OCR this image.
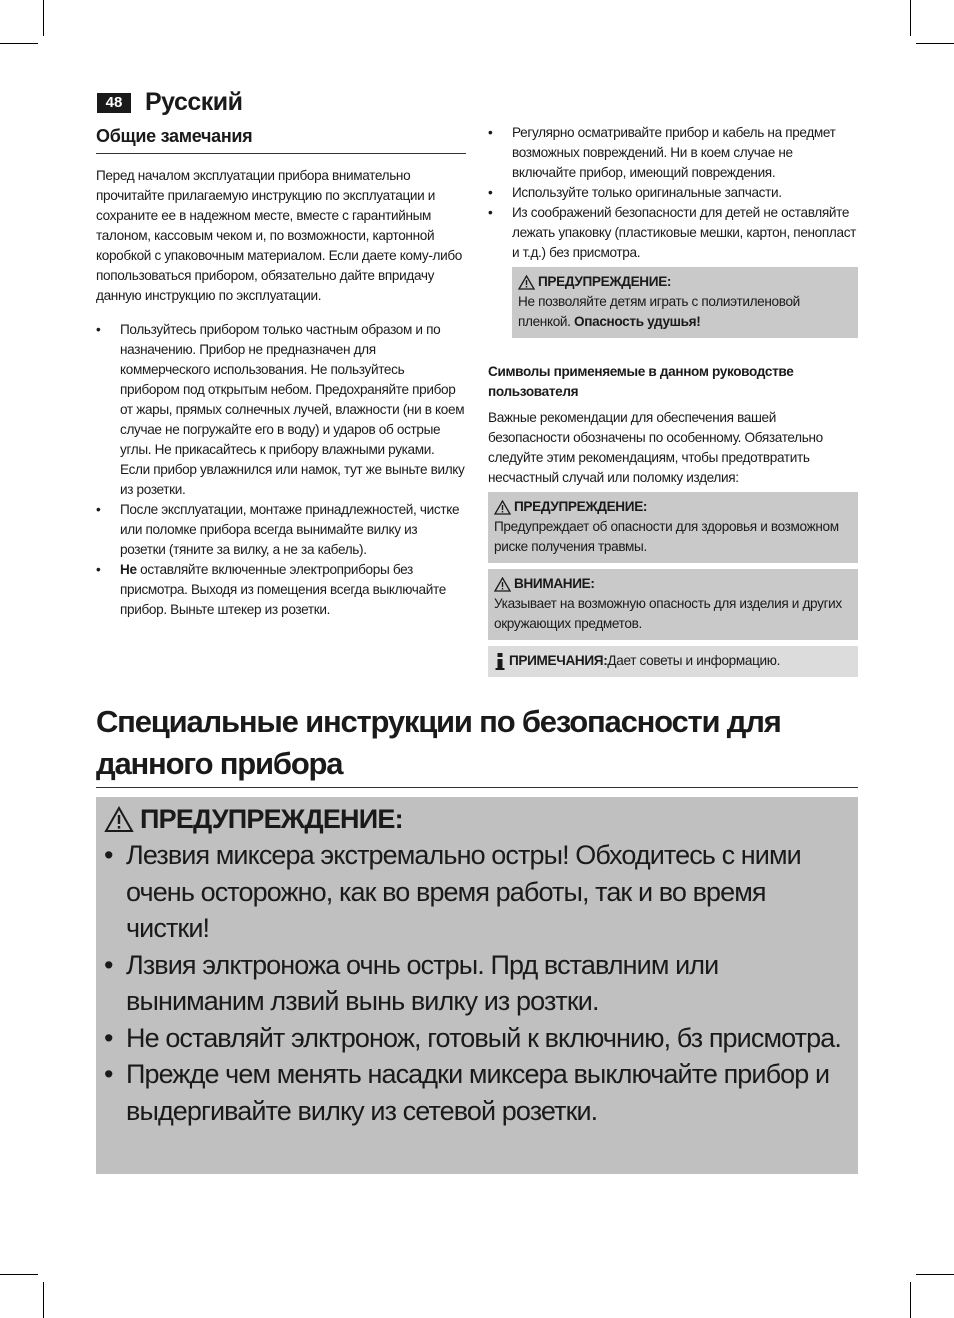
48 Русский
Общие замечания

Перед началом эксплуатации прибора внимательно прочитайте прилагаемую инструкцию по эксплуатации и сохраните ее в надежном месте, вместе с гарантийным талоном, кассовым чеком и, по возможности, картонной коробкой с упаковочным материалом. Если даете кому-либо попользоваться прибором, обязательно дайте впридачу данную инструкцию по эксплуатации.

• Пользуйтесь прибором только частным образом и по назначению. Прибор не предназначен для коммерческого использования. Не пользуйтесь прибором под открытым небом. Предохраняйте прибор от жары, прямых солнечных лучей, влажности (ни в коем случае не погружайте его в воду) и ударов об острые углы. Не прикасайтесь к прибору влажными руками. Если прибор увлажнился или намок, тут же выньте вилку из розетки.
• После эксплуатации, монтаже принадлежностей, чистке или поломке прибора всегда вынимайте вилку из розетки (тяните за вилку, а не за кабель).
• Не оставляйте включенные электроприборы без присмотра. Выходя из помещения всегда выключайте прибор. Выньте штекер из розетки.
• Регулярно осматривайте прибор и кабель на предмет возможных повреждений. Ни в коем случае не включайте прибор, имеющий повреждения.
• Используйте только оригинальные запчасти.
• Из соображений безопасности для детей не оставляйте лежать упаковку (пластиковые мешки, картон, пенопласт и т.д.) без присмотра.
ПРЕДУПРЕЖДЕНИЕ:
Не позволяйте детям играть с полиэтиленовой пленкой. Опасность удушья!

Символы применяемые в данном руководстве пользователя

Важные рекомендации для обеспечения вашей безопасности обозначены по особенному. Обязательно следуйте этим рекомендациям, чтобы предотвратить несчастный случай или поломку изделия:

ПРЕДУПРЕЖДЕНИЕ:
Предупреждает об опасности для здоровья и возможном риске получения травмы.
ВНИМАНИЕ:
Указывает на возможную опасность для изделия и других окружающих предметов.
ПРИМЕЧАНИЯ: Дает советы и информацию.
Специальные инструкции по безопасности для данного прибора
ПРЕДУПРЕЖДЕНИЕ:
• Лезвия миксера экстремально остры! Обходитесь с ними очень осторожно, как во время работы, так и во время чистки!
• Лзвия элктроножа очнь остры. Прд вставлним или выниманим лзвий вынь вилку из розтки.
• Не оставляйт элктронож, готовый к включнию, бз присмотра.
• Прежде чем менять насадки миксера выключайте прибор и выдергивайте вилку из сетевой розетки.
